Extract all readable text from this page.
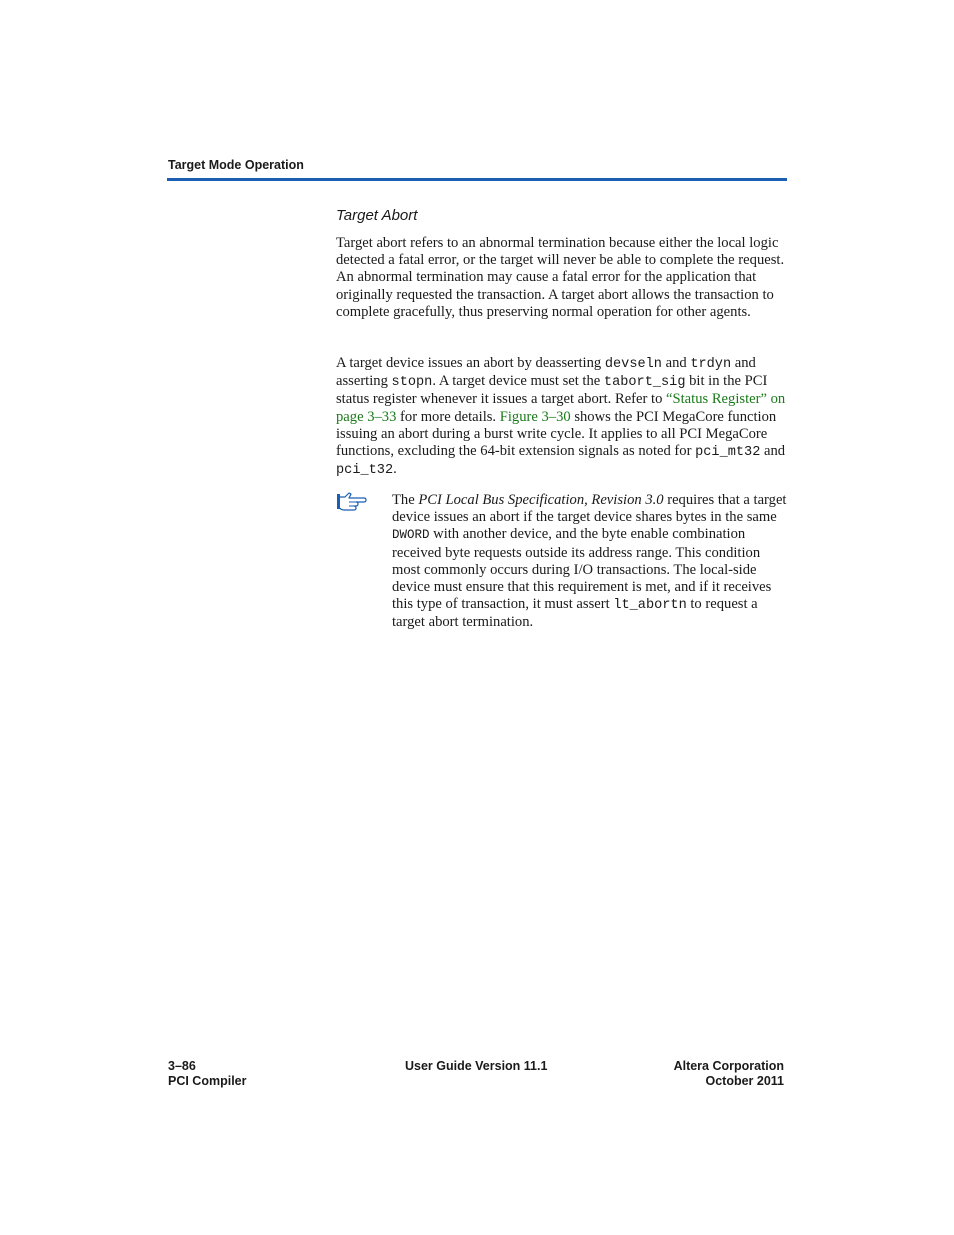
Target Mode Operation
Target Abort

Target abort refers to an abnormal termination because either the local logic detected a fatal error, or the target will never be able to complete the request. An abnormal termination may cause a fatal error for the application that originally requested the transaction. A target abort allows the transaction to complete gracefully, thus preserving normal operation for other agents.

A target device issues an abort by deasserting devseln and trdyn and asserting stopn. A target device must set the tabort_sig bit in the PCI status register whenever it issues a target abort. Refer to “Status Register” on page 3–33 for more details. Figure 3–30 shows the PCI MegaCore function issuing an abort during a burst write cycle. It applies to all PCI MegaCore functions, excluding the 64-bit extension signals as noted for pci_mt32 and pci_t32.

The PCI Local Bus Specification, Revision 3.0 requires that a target device issues an abort if the target device shares bytes in the same DWORD with another device, and the byte enable combination received byte requests outside its address range. This condition most commonly occurs during I/O transactions. The local-side device must ensure that this requirement is met, and if it receives this type of transaction, it must assert lt_abortn to request a target abort termination.

3–86
PCI Compiler
User Guide Version 11.1	Altera Corporation
October 2011
